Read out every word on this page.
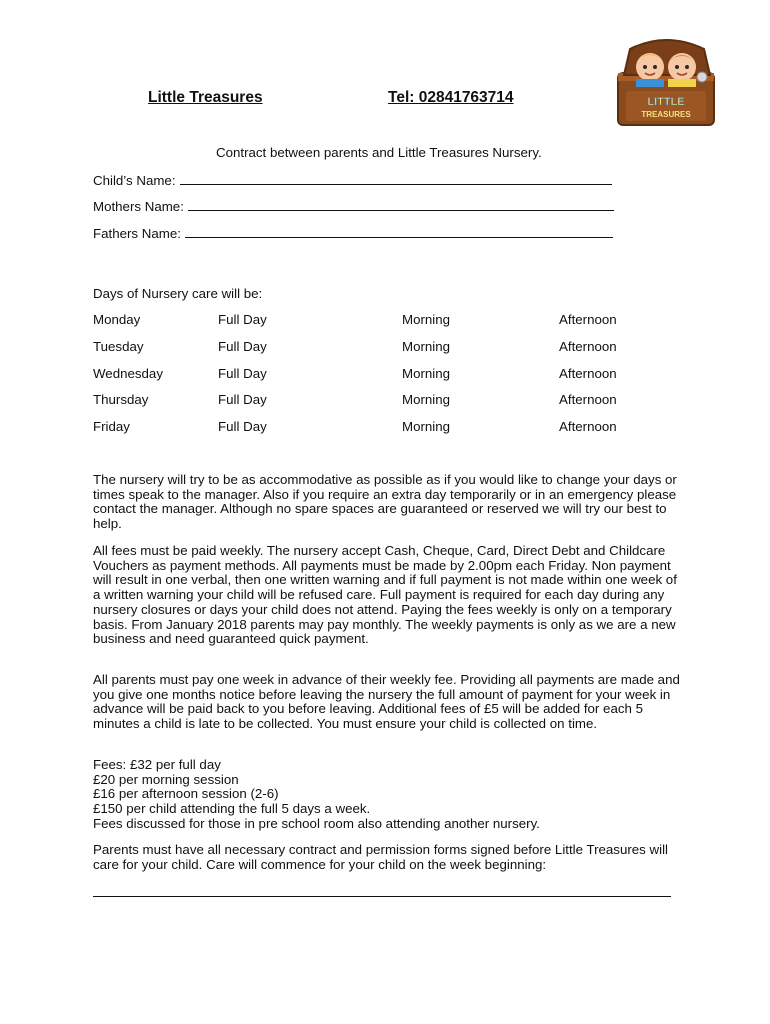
Little Treasures	Tel: 02841763714	LITTLE
TREASURES
Contract between parents and Little Treasures Nursery.
Child’s Name:
Mothers Name:
Fathers Name:
Days of Nursery care will be:
Monday	Full Day	Morning	Afternoon
Tuesday	Full Day	Morning	Afternoon
Wednesday	Full Day	Morning	Afternoon
Thursday	Full Day	Morning	Afternoon
Friday	Full Day	Morning	Afternoon

The nursery will try to be as accommodative as possible as if you would like to change your days or times speak to the manager. Also if you require an extra day temporarily or in an emergency please contact the manager. Although no spare spaces are guaranteed or reserved we will try our best to help.

All fees must be paid weekly. The nursery accept Cash, Cheque, Card, Direct Debt and Childcare Vouchers as payment methods. All payments must be made by 2.00pm each Friday. Non payment will result in one verbal, then one written warning and if full payment is not made within one week of a written warning your child will be refused care. Full payment is required for each day during any nursery closures or days your child does not attend. Paying the fees weekly is only on a temporary basis. From January 2018 parents may pay monthly. The weekly payments is only as we are a new business and need guaranteed quick payment.

All parents must pay one week in advance of their weekly fee. Providing all payments are made and you give one months notice before leaving the nursery the full amount of payment for your week in advance will be paid back to you before leaving. Additional fees of £5 will be added for each 5 minutes a child is late to be collected. You must ensure your child is collected on time.

Fees: £32 per full day

£20 per morning session

£16 per afternoon session (2-6)

£150 per child attending the full 5 days a week.

Fees discussed for those in pre school room also attending another nursery.

Parents must have all necessary contract and permission forms signed before Little Treasures will care for your child. Care will commence for your child on the week beginning:
